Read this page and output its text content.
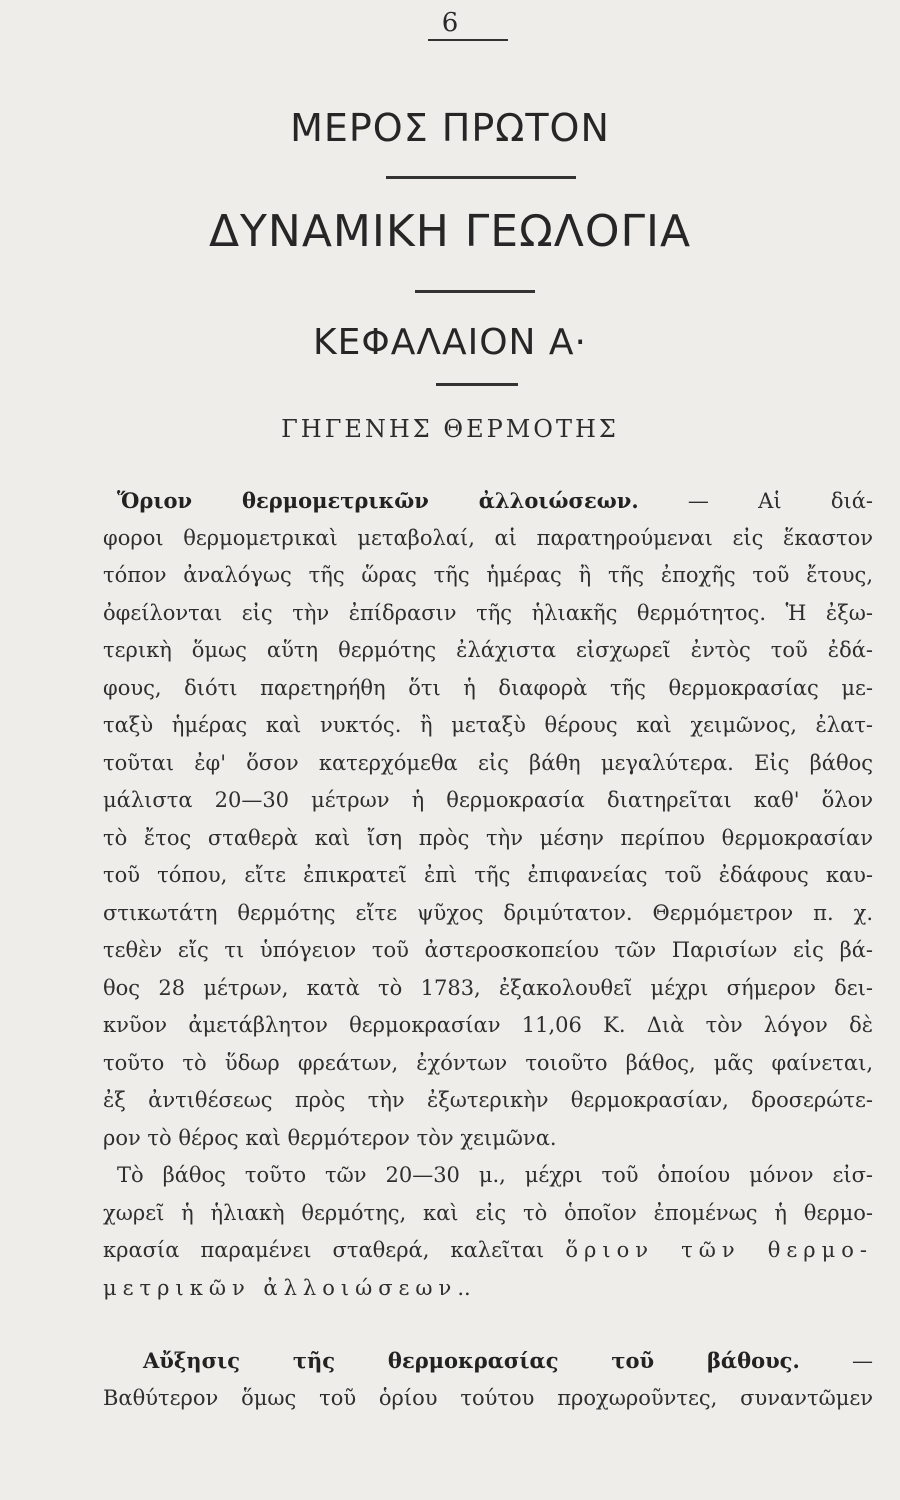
6
ΜΕΡΟΣ ΠΡΩΤΟΝ
ΔΥΝΑΜΙΚΗ ΓΕΩΛΟΓΙΑ
ΚΕΦΑΛΑΙΟΝ Α·
ΓΗΓΕΝΗΣ ΘΕΡΜΟΤΗΣ
Ὅριον θερμομετρικῶν ἀλλοιώσεων. — Αἱ διά-
φοροι θερμομετρικαὶ μεταβολαί, αἱ παρατηρούμεναι εἰς ἕκαστον
τόπον ἀναλόγως τῆς ὥρας τῆς ἡμέρας ἢ τῆς ἐποχῆς τοῦ ἔτους,
ὀφείλονται εἰς τὴν ἐπίδρασιν τῆς ἡλιακῆς θερμότητος. Ἡ ἐξω-
τερικὴ ὅμως αὕτη θερμότης ἐλάχιστα εἰσχωρεῖ ἐντὸς τοῦ ἐδά-
φους, διότι παρετηρήθη ὅτι ἡ διαφορὰ τῆς θερμοκρασίας με-
ταξὺ ἡμέρας καὶ νυκτός. ἢ μεταξὺ θέρους καὶ χειμῶνος, ἐλατ-
τοῦται ἐφ' ὅσον κατερχόμεθα εἰς βάθη μεγαλύτερα. Εἰς βάθος
μάλιστα 20—30 μέτρων ἡ θερμοκρασία διατηρεῖται καθ' ὅλον
τὸ ἔτος σταθερὰ καὶ ἴση πρὸς τὴν μέσην περίπου θερμοκρασίαν
τοῦ τόπου, εἴτε ἐπικρατεῖ ἐπὶ τῆς ἐπιφανείας τοῦ ἐδάφους καυ-
στικωτάτη θερμότης εἴτε ψῦχος δριμύτατον. Θερμόμετρον π. χ.
τεθὲν εἴς τι ὑπόγειον τοῦ ἀστεροσκοπείου τῶν Παρισίων εἰς βά-
θος 28 μέτρων, κατὰ τὸ 1783, ἐξακολουθεῖ μέχρι σήμερον δει-
κνῦον ἀμετάβλητον θερμοκρασίαν 11,06 Κ. Διὰ τὸν λόγον δὲ
τοῦτο τὸ ὕδωρ φρεάτων, ἐχόντων τοιοῦτο βάθος, μᾶς φαίνεται,
ἐξ ἀντιθέσεως πρὸς τὴν ἐξωτερικὴν θερμοκρασίαν, δροσερώτε-
ρον τὸ θέρος καὶ θερμότερον τὸν χειμῶνα.
Τὸ βάθος τοῦτο τῶν 20—30 μ., μέχρι τοῦ ὁποίου μόνον εἰσ-
χωρεῖ ἡ ἡλιακὴ θερμότης, καὶ εἰς τὸ ὁποῖον ἐπομένως ἡ θερμο-
κρασία παραμένει σταθερά, καλεῖται ὅριον τῶν θερμο-
μετρικῶν ἀλλοιώσεων..
Αὔξησις τῆς θερμοκρασίας τοῦ βάθους. —
Βαθύτερον ὅμως τοῦ ὁρίου τούτου προχωροῦντες, συναντῶμεν
